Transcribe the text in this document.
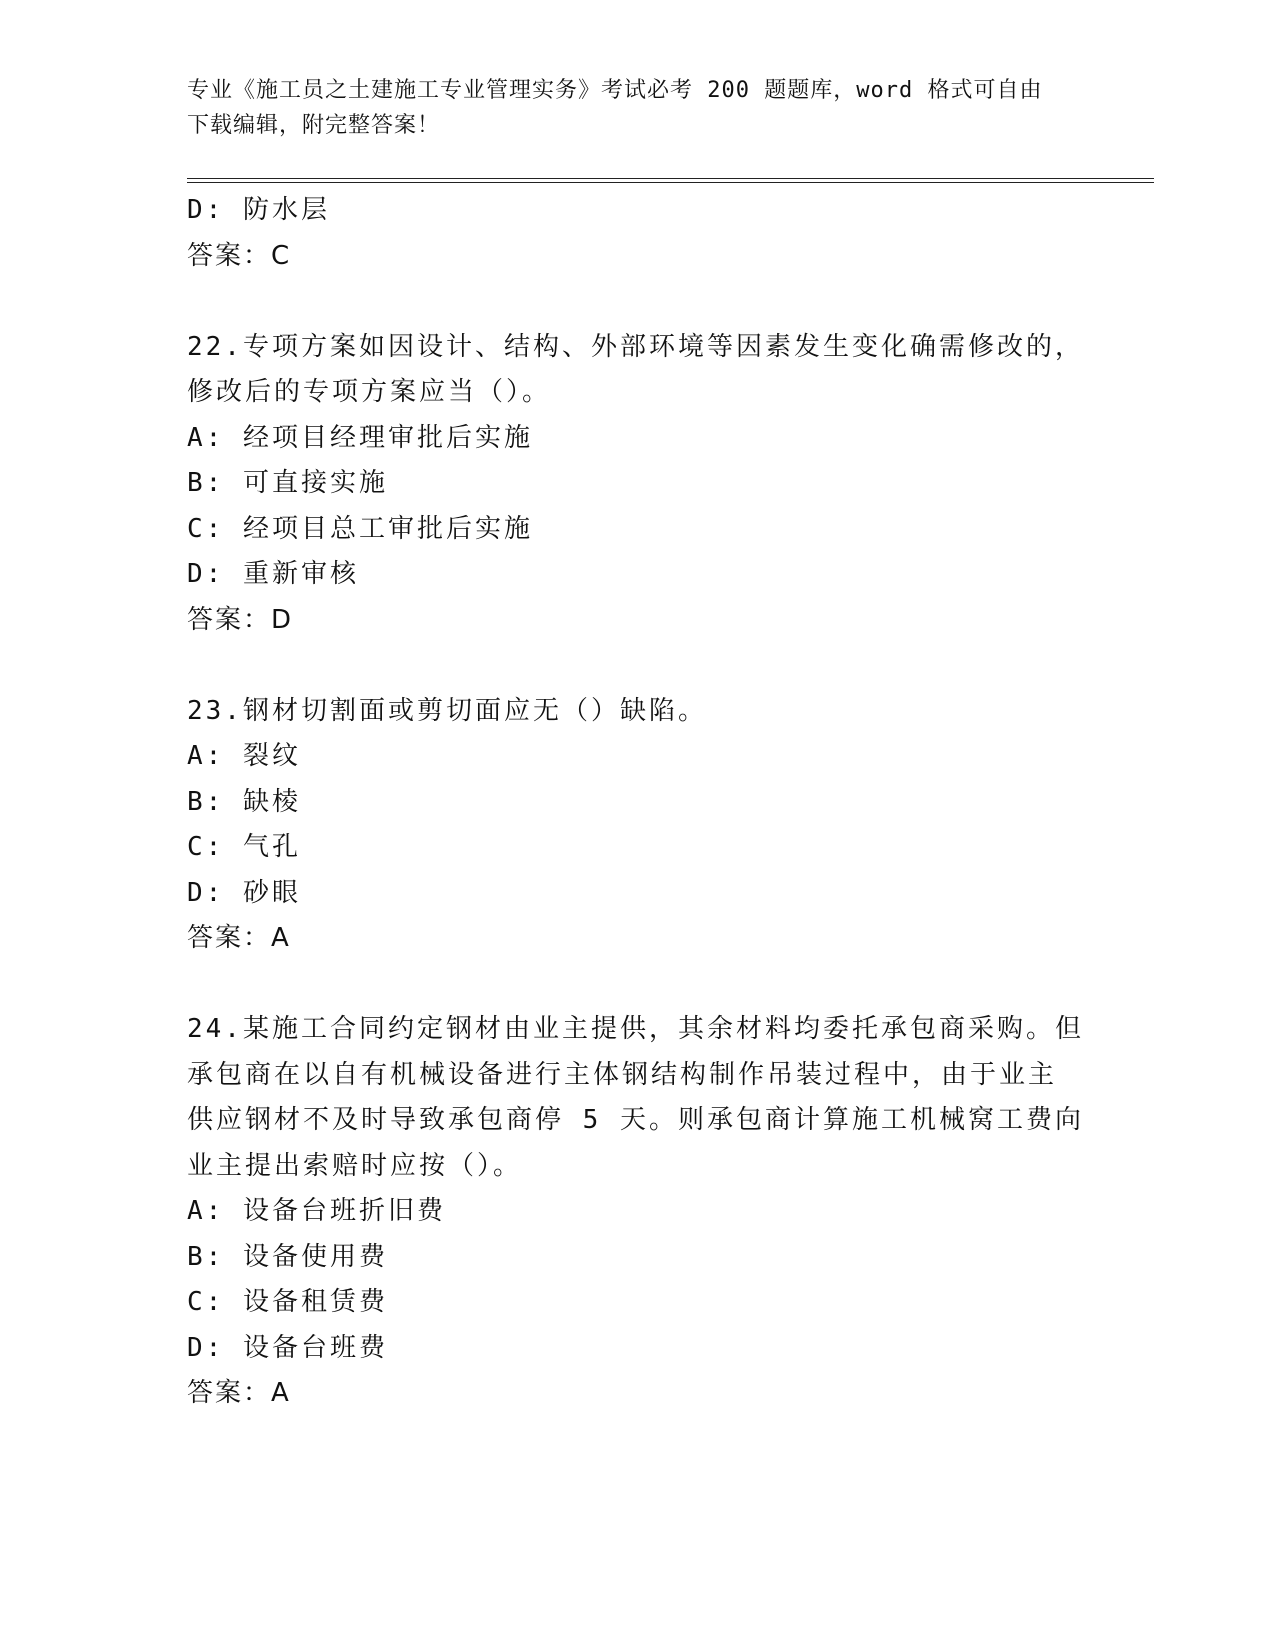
专业《施工员之土建施工专业管理实务》考试必考 200 题题库，word 格式可自由
下载编辑，附完整答案！
D: 防水层
答案：C
22.专项方案如因设计、结构、外部环境等因素发生变化确需修改的，
修改后的专项方案应当（）。
A: 经项目经理审批后实施
B: 可直接实施
C: 经项目总工审批后实施
D: 重新审核
答案：D
23.钢材切割面或剪切面应无（）缺陷。
A: 裂纹
B: 缺棱
C: 气孔
D: 砂眼
答案：A
24.某施工合同约定钢材由业主提供，其余材料均委托承包商采购。但
承包商在以自有机械设备进行主体钢结构制作吊装过程中，由于业主
供应钢材不及时导致承包商停 5 天。则承包商计算施工机械窝工费向
业主提出索赔时应按（）。
A: 设备台班折旧费
B: 设备使用费
C: 设备租赁费
D: 设备台班费
答案：A
